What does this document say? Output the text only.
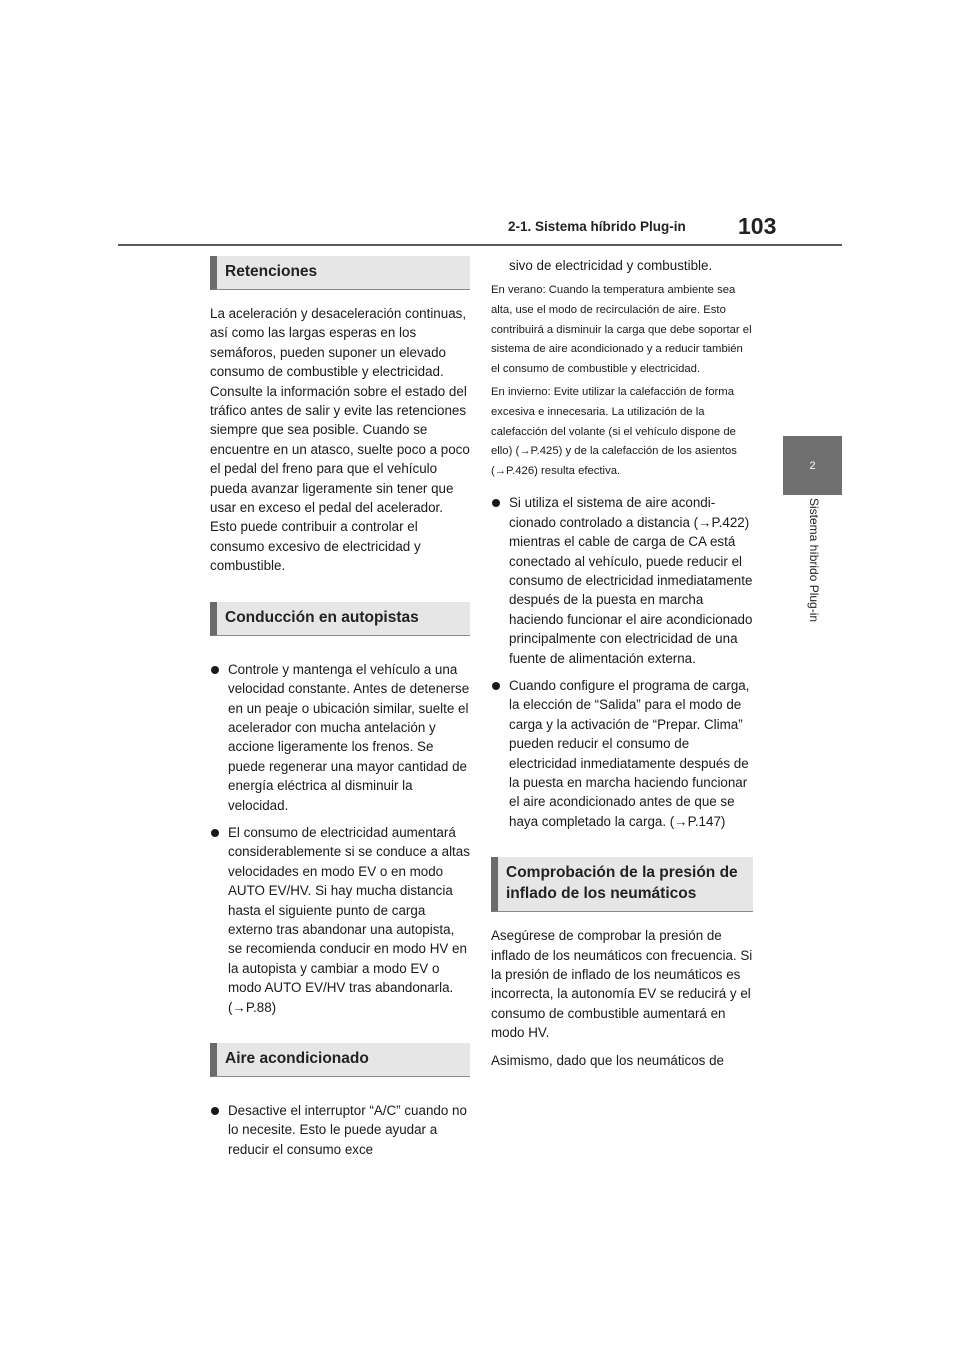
2-1. Sistema híbrido Plug-in 103
2
Sistema híbrido Plug-in
Retenciones

La aceleración y desaceleración continuas, así como las largas esperas en los semáforos, pueden suponer un elevado consumo de combustible y electricidad. Consulte la información sobre el estado del tráfico antes de salir y evite las retenciones siempre que sea posible. Cuando se encuentre en un atasco, suelte poco a poco el pedal del freno para que el vehículo pueda avanzar ligeramente sin tener que usar en exceso el pedal del acelerador. Esto puede contribuir a controlar el consumo excesivo de electricidad y combustible.

Conducción en autopistas
Controle y mantenga el vehículo a una velocidad constante. Antes de detenerse en un peaje o ubicación similar, suelte el acelerador con mucha antelación y accione ligeramente los frenos. Se puede regenerar una mayor cantidad de energía eléctrica al disminuir la velocidad.
El consumo de electricidad aumentará considerablemente si se conduce a altas velocidades en modo EV o en modo AUTO EV/HV. Si hay mucha distancia hasta el siguiente punto de carga externo tras abandonar una autopista, se recomienda conducir en modo HV en la autopista y cambiar a modo EV o modo AUTO EV/HV tras abandonarla. (→P.88)
Aire acondicionado
Desactive el interruptor “A/C” cuando no lo necesite. Esto le puede ayudar a reducir el consumo exce

sivo de electricidad y combustible.

En verano: Cuando la temperatura ambiente sea alta, use el modo de recirculación de aire. Esto contribuirá a disminuir la carga que debe soportar el sistema de aire acondicionado y a reducir también el consumo de combustible y electricidad.

En invierno: Evite utilizar la calefacción de forma excesiva e innecesaria. La utilización de la calefacción del volante (si el vehículo dispone de ello) (→P.425) y de la calefacción de los asientos (→P.426) resulta efectiva.

Si utiliza el sistema de aire acondicionado controlado a distancia (→P.422) mientras el cable de carga de CA está conectado al vehículo, puede reducir el consumo de electricidad inmediatamente después de la puesta en marcha haciendo funcionar el aire acondicionado principalmente con electricidad de una fuente de alimentación externa.
Cuando configure el programa de carga, la elección de “Salida” para el modo de carga y la activación de “Prepar. Clima” pueden reducir el consumo de electricidad inmediatamente después de la puesta en marcha haciendo funcionar el aire acondicionado antes de que se haya completado la carga. (→P.147)
Comprobación de la presión de inflado de los neumáticos

Asegúrese de comprobar la presión de inflado de los neumáticos con frecuencia. Si la presión de inflado de los neumáticos es incorrecta, la autonomía EV se reducirá y el consumo de combustible aumentará en modo HV.

Asimismo, dado que los neumáticos de
